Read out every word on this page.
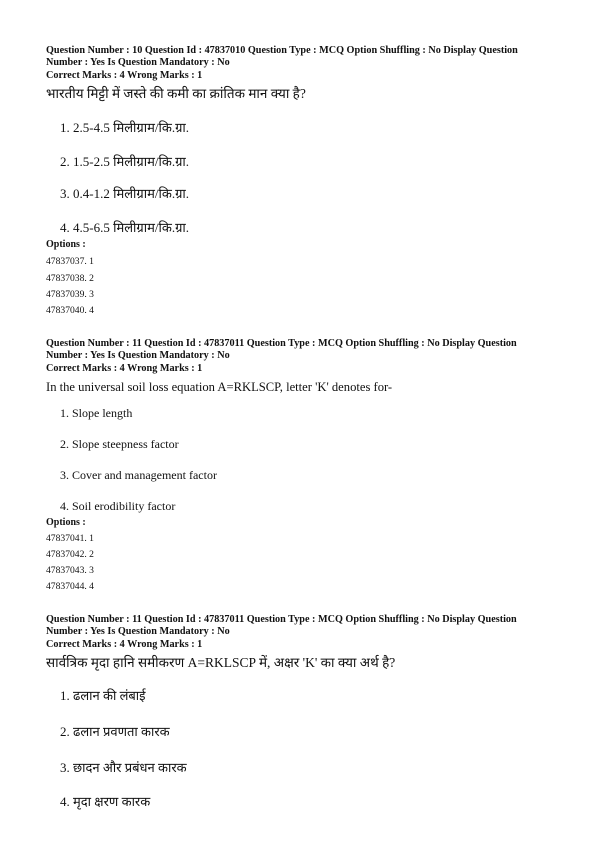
Question Number : 10 Question Id : 47837010 Question Type : MCQ Option Shuffling : No Display Question
Number : Yes Is Question Mandatory : No
Correct Marks : 4 Wrong Marks : 1
भारतीय मिट्टी में जस्ते की कमी का क्रांतिक मान क्या है?
1. 2.5-4.5 मिलीग्राम/कि.ग्रा.
2. 1.5-2.5 मिलीग्राम/कि.ग्रा.
3. 0.4-1.2 मिलीग्राम/कि.ग्रा.
4. 4.5-6.5 मिलीग्राम/कि.ग्रा.
Options :
47837037. 1
47837038. 2
47837039. 3
47837040. 4
Question Number : 11 Question Id : 47837011 Question Type : MCQ Option Shuffling : No Display Question
Number : Yes Is Question Mandatory : No
Correct Marks : 4 Wrong Marks : 1
In the universal soil loss equation A=RKLSCP, letter 'K' denotes for-
1. Slope length
2. Slope steepness factor
3. Cover and management factor
4. Soil erodibility factor
Options :
47837041. 1
47837042. 2
47837043. 3
47837044. 4
Question Number : 11 Question Id : 47837011 Question Type : MCQ Option Shuffling : No Display Question
Number : Yes Is Question Mandatory : No
Correct Marks : 4 Wrong Marks : 1
सार्वत्रिक मृदा हानि समीकरण A=RKLSCP में, अक्षर 'K' का क्या अर्थ है?
1. ढलान की लंबाई
2. ढलान प्रवणता कारक
3. छादन और प्रबंधन कारक
4. मृदा क्षरण कारक
